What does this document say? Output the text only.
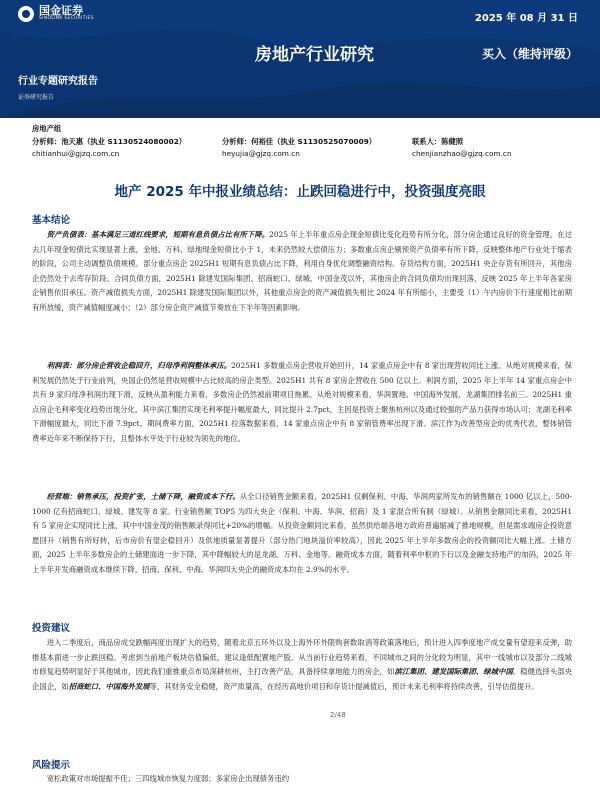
国金证券
SINOLINK SECURITIES	2025 年 08 月 31 日
房地产行业研究	买入（维持评级）
行业专题研究报告
证券研究报告
房地产组
分析师：池天惠（执业 S1130524080002）	分析师：何裕佳（执业 S1130525070009）	联系人：陈健照
chitianhui@gjzq.com.cn	heyujia@gjzq.com.cn	chenjianzhao@gjzq.com.cn
地产 2025 年中报业绩总结：止跌回稳进行中，投资强度亮眼
基本结论

资产负债表：基本满足三道红线要求，短期有息负债占比有所下降。2025 年上半年重点房企现金短债比变化趋势有所分化，部分房企通过良好的资金管理，在过去几年现金短债比实现显著上涨，金地、万科、绿地现金短债比小于 1，未来仍然较大偿债压力；多数重点房企剔预资产负债率有所下降，反映整体地产行业处于缩表的阶段，公司主动调整负债规模。部分重点房企 2025H1 短期有息负债占比下降，利用自身优化调整融资结构。存货结构方面，2025H1 央企存货有所回升，其他房企仍然处于去库存阶段。合同负债方面，2025H1 除建发国际集团、招商蛇口、绿城、中国金茂以外，其他房企的合同负债均出现回落，反映 2025 年上半年各家房企销售依旧承压。资产减值损失方面，2025H1 除建发国际集团以外，其他重点房企的资产减值损失相比 2024 年有所缩小，主要受（1）午内房价下行速度相比前期有所放缓，资产减值幅度减小；（2）部分房企资产减值节奏放在下半年等因素影响。

利润表：部分房企营收企稳回升，归母净利润整体承压。2025H1 多数重点房企营收开始回升，14 家重点房企中有 8 家出现营收同比上涨。从绝对规模来看，保利发展仍然处于行业前列，央国企仍然是营收规模中占比较高的房企类型。2025H1 共有 8 家房企营收在 500 亿以上。利润方面，2025 年上半年 14 家重点房企中共有 9 家归母净利润出现下滑，反映从盈利能力来看，多数房企仍然被前期项目拖累。从绝对规模来看，华润置地、中国海外发展、龙湖集团排名前三。2025H1 重点房企毛利率变化趋势出现分化，其中滨江集团实现毛利率提升幅度最大，同比提升 2.7pct，主因是投资上聚焦杭州以及通过较强的产品力获得市场认可；龙湖毛利率下滑幅度最大，同比下滑 7.9pct。期间费率方面，2025H1 拉落数据来看，14 家重点房企中有 8 家销管费率出现下滑。滨江作为改善型房企的优秀代表，整体销管费率近年来不断保持下行，且整体水平处于行业较为领先的地位。

经营端：销售承压，投资扩张，土储下降，融资成本下行。从全口径销售金额来看，2025H1 仅剩保利、中海、华润两家所发布的销售额在 1000 亿以上，500-1000 亿有招商蛇口、绿城、建发等 8 家。行业销售额 TOP5 为四大央企（保利、中海、华润、招商）及 1 家混合所有制（绿城）。从销售金额同比来看，2025H1 有 5 家房企实现同比上涨，其中中国金茂的销售额录得同比+20%的增幅。从投资金额同比来看，虽然供给端各地方政府普遍缩减了推地规模，但是需求端房企投资意愿回升（销售有所好转，后市房价有望企稳回升）及供地质量显著提升（部分热门地块溢价率较高），因此 2025 年上半年多数房企的投资额同比大幅上涨。土储方面，2025 上半年多数房企的土储建面进一步下降，其中降幅较大的是龙湖、万科、金地等。融资成本方面，随着利率中枢的下行以及金融支持地产的加码，2025 年上半年开发商融资成本继续下降，招商、保利、中海、华润四大央企的融资成本均在 2.9%的水平。

2/48
投资建议

进入二季度后，商品房成交跌幅再度出现扩大的趋势，随着北京五环外以及上海外环外限购套数取消等政策落地后，预计进入四季度地产成交量有望迎来反弹，助推基本面进一步止跌回稳。考虑到当前地产板块估值偏低，建议逢低配置地产股。从当前行业趋势来看，不同城市之间的分化较为明显，其中一线城市以及部分二线城市修复趋势明显好于其他城市，因此我们重推重点布局深耕杭州，主打改善产品，具备持续拿地能力的房企，如滨江集团、建发国际集团、绿城中国。稳健选择头部央企国企，如招商蛇口、中国海外发展等，其财务安全稳健，资产质量高，在经历高地价项目和存货计提减值后，预计未来毛利率将持续改善，引导估值提升。

风险提示

宽松政策对市场提振不佳；三四线城市恢复力度弱；多家房企出现债务违约
